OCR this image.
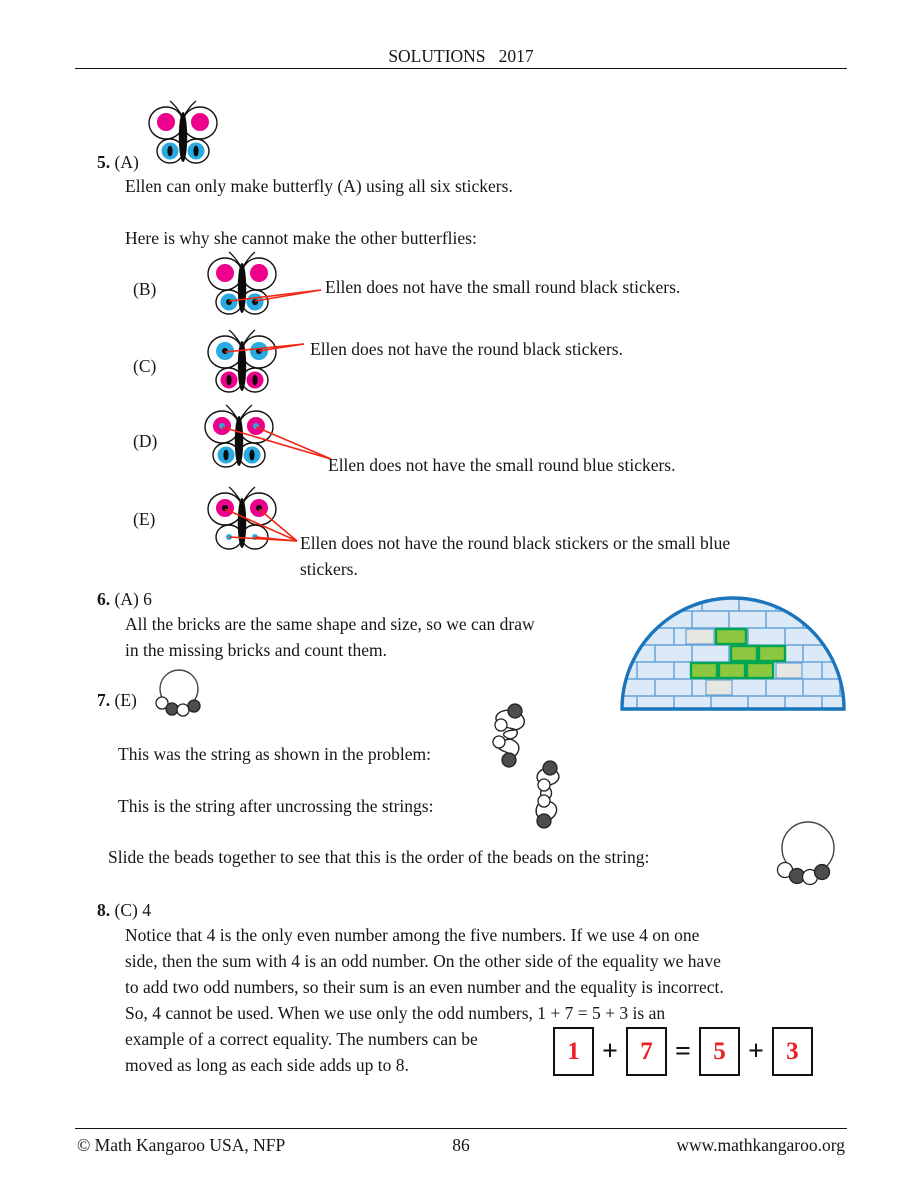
SOLUTIONS   2017
5. (A)
Ellen can only make butterfly (A) using all six stickers.
Here is why she cannot make the other butterflies:
(B)	Ellen does not have the small round black stickers.
(C)
Ellen does not have the round black stickers.
(D)
Ellen does not have the small round blue stickers.
(E)
Ellen does not have the round black stickers or the small blue
stickers.
6. (A) 6
All the bricks are the same shape and size, so we can draw
in the missing bricks and count them.
7. (E)
This was the string as shown in the problem:
This is the string after uncrossing the strings:
Slide the beads together to see that this is the order of the beads on the string:
8. (C) 4
Notice that 4 is the only even number among the five numbers. If we use 4 on one
side, then the sum with 4 is an odd number. On the other side of the equality we have
to add two odd numbers, so their sum is an even number and the equality is incorrect.
So, 4 cannot be used. When we use only the odd numbers, 1 + 7 = 5 + 3 is an
example of a correct equality. The numbers can be
moved as long as each side adds up to 8.
1 + 7 = 5 + 3
© Math Kangaroo USA, NFP	86	www.mathkangaroo.org
